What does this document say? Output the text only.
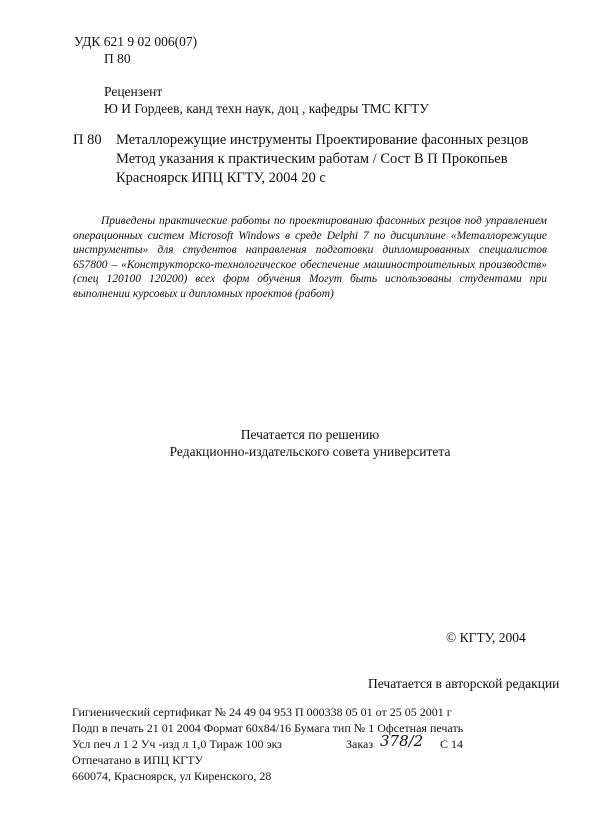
УДК 621 9 02 006(07)
П 80
Рецензент
Ю И Гордеев, канд техн наук, доц , кафедры ТМС КГТУ
П 80 Металлорежущие инструменты Проектирование фасонных резцов
Метод указания к практическим работам / Сост В П Прокопьев
Красноярск ИПЦ КГТУ, 2004 20 с
Приведены практические работы по проектированию фасонных резцов под управлением операционных систем Microsoft Windows в среде Delphi 7 по дисциплине «Металлорежущие инструменты» для студентов направления подготовки дипломированных специалистов 657800 – «Конструкторско-технологическое обеспечение машиностроительных производств» (спец 120100 120200) всех форм обучения Могут быть использованы студентами при выполнении курсовых и дипломных проектов (работ)
Печатается по решению
Редакционно-издательского совета университета
© КГТУ, 2004
Печатается в авторской редакции
Гигиенический сертификат № 24 49 04 953 П 000338 05 01 от 25 05 2001 г
Подп в печать 21 01 2004 Формат 60х84/16 Бумага тип № 1 Офсетная печать
Усл печ л 1 2 Уч -изд л 1,0 Тираж 100 экз	Заказ 378/2 С 14
Отпечатано в ИПЦ КГТУ
660074, Красноярск, ул Киренского, 28
